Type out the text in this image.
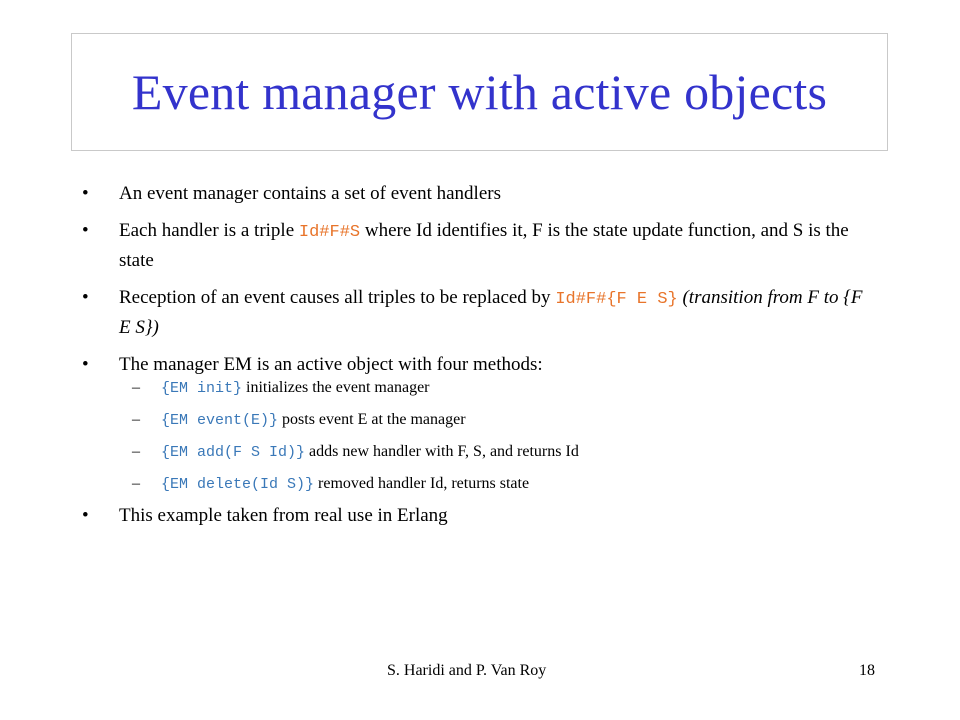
Event manager with active objects
• An event manager contains a set of event handlers
• Each handler is a triple Id#F#S where Id identifies it, F is the state update function, and S is the state
• Reception of an event causes all triples to be replaced by Id#F#{F E S} (transition from F to {F E S})
• The manager EM is an active object with four methods:
– {EM init} initializes the event manager
– {EM event(E)} posts event E at the manager
– {EM add(F S Id)} adds new handler with F, S, and returns Id
– {EM delete(Id S)} removed handler Id, returns state
• This example taken from real use in Erlang
S. Haridi and P. Van Roy	18
